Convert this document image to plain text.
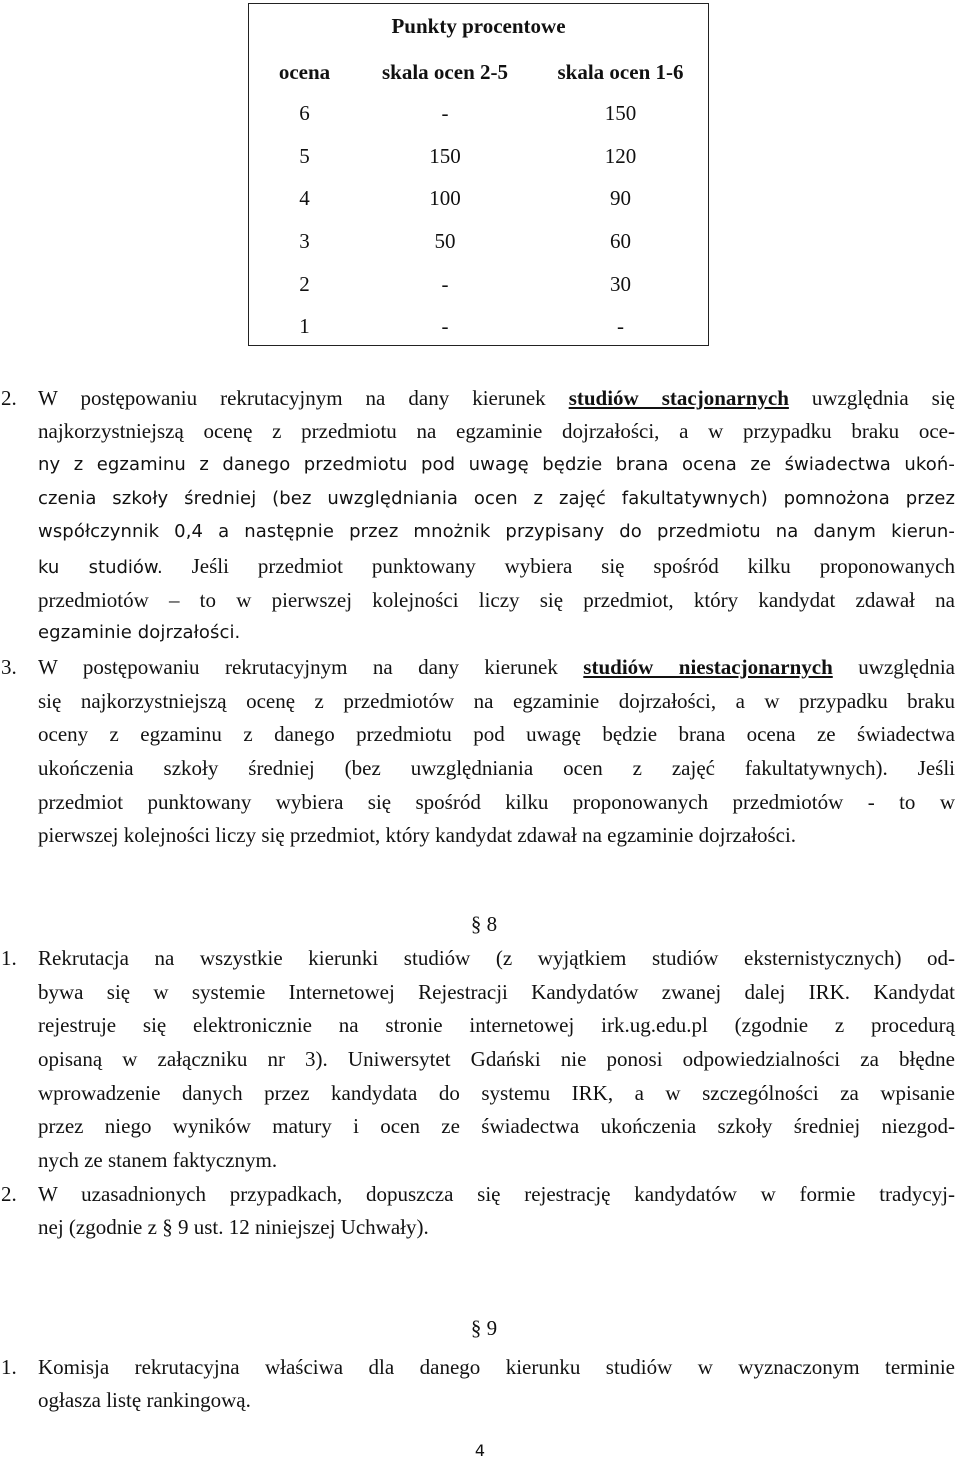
Punkty procentowe
ocena	skala ocen 2-5	skala ocen 1-6
6	-	150
5	150	120
4	100	90
3	50	60
2	-	30
1	-	-
2. W postępowaniu rekrutacyjnym na dany kierunek studiów stacjonarnych uwzględnia się
najkorzystniejszą ocenę z przedmiotu na egzaminie dojrzałości, a w przypadku braku oce-
ny z egzaminu z danego przedmiotu pod uwagę będzie brana ocena ze świadectwa ukoń-
czenia szkoły średniej (bez uwzględniania ocen z zajęć fakultatywnych) pomnożona przez
współczynnik 0,4 a następnie przez mnożnik przypisany do przedmiotu na danym kierun-
ku studiów. Jeśli przedmiot punktowany wybiera się spośród kilku proponowanych
przedmiotów – to w pierwszej kolejności liczy się przedmiot, który kandydat zdawał na
egzaminie dojrzałości.
3. W postępowaniu rekrutacyjnym na dany kierunek studiów niestacjonarnych uwzględnia
się najkorzystniejszą ocenę z przedmiotów na egzaminie dojrzałości, a w przypadku braku
oceny z egzaminu z danego przedmiotu pod uwagę będzie brana ocena ze świadectwa
ukończenia szkoły średniej (bez uwzględniania ocen z zajęć fakultatywnych). Jeśli
przedmiot punktowany wybiera się spośród kilku proponowanych przedmiotów - to w
pierwszej kolejności liczy się przedmiot, który kandydat zdawał na egzaminie dojrzałości.
§ 8
1. Rekrutacja na wszystkie kierunki studiów (z wyjątkiem studiów eksternistycznych) od-
bywa się w systemie Internetowej Rejestracji Kandydatów zwanej dalej IRK. Kandydat
rejestruje się elektronicznie na stronie internetowej irk.ug.edu.pl (zgodnie z procedurą
opisaną w załączniku nr 3). Uniwersytet Gdański nie ponosi odpowiedzialności za błędne
wprowadzenie danych przez kandydata do systemu IRK, a w szczególności za wpisanie
przez niego wyników matury i ocen ze świadectwa ukończenia szkoły średniej niezgod-
nych ze stanem faktycznym.
2. W uzasadnionych przypadkach, dopuszcza się rejestrację kandydatów w formie tradycyj-
nej (zgodnie z § 9 ust. 12 niniejszej Uchwały).
§ 9
1. Komisja rekrutacyjna właściwa dla danego kierunku studiów w wyznaczonym terminie
ogłasza listę rankingową.
4
